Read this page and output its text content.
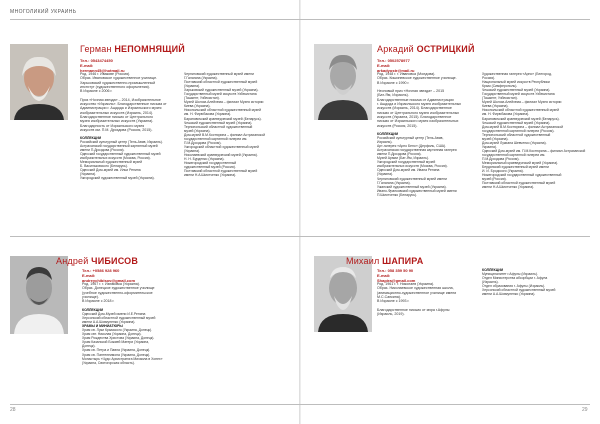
МНОГОЛИКИЙ УКРАИНЬ
28	29
Герман НЕПОМНЯЩИЙ
Тел.: 0543474450
E-mail: hermann45@hotmail.ru
Род. 1946 г. Ивакове (Россия).
Образ. Ивановское художественное училище.
Харьковский художественно-промышленный
институт (художественного оформления).
В Израиле с 2006 г.

Приз «Ночная звезда» – 2014, Изобразительное
искусство «Израиль». Благодарственные письма от
Администрации г. Ашдода и Израильского музея
изобразительных искусств (Израиль, 2014).
Благодарственное письмо от Центрального
музея изобразительных искусств (Украина).
Благодарность от Израильского музея
искусств им. П.М. Дроздова (Россия, 2015).

КОЛЛЕКЦИИ

Российский культурный центр (Тель-Авив, Израиль).
Астраханский государственный картинный музей
имени П.Дроздова (Россия).
Одесский государственный художественный музей
изобразительных искусств (Москва, Россия).
Мемориальный художественный музей
Б. Васильковского (Беларусь).
Одесский Дом-музей им. Ильи Репина
(Украина).
Ужгородский художественный музей (Украина).
Черниговский художественный музей имени
Г.Галагана (Украина).
Полтавский областной художественный музей
(Украина).
Харьковский художественный музей (Украина).
Государственный музей искусств Узбекистана
(Ташкент, Узбекистан).
Музей Шолом-Алейхема – филиал Музея истории
Киева (Украина).
Никопольский областной художественный музей
им. Н. Фирюбакова (Украина).
Барановичский краеведческий музей (Беларусь).
Чешский художественный музей (Украина).
Тернопольский областной художественный
музей (Украина).
Дом-музей В.М.Костюрина – филиал Астраханской
государственной картинной галереи им.
П.М.Дроздова (Россия).
Ужгородский областной художественный музей
(Украина).
Николаевский краеведческий музей (Украина).
Н. Н. Бурденко (Украина).
Нижегородский государственный
художественный музей (Россия).
Полтавский областной художественный музей
имени Н.А.Шмотченко (Украина).
Аркадий ОСТРИЦКИЙ
Тел.: 0502578977
E-mail: arkadyostr@mail.ru
Род. 1948 г. г. Ивановка (Молдова).
Образ. Кишиневское художественное училище.
В Израиле с 1990 г.

Неоновый приз «Ночная звезда» – 2015
(Бат-Ям, Израиль).
Благодарственные письма от Администрации
г. Ашдода и Израильского музея изобразительных
искусств (Израиль, 2014). Благодарственное
письмо от Центрального музея изобразительных
искусств (Украина, 2015). Благодарственное
письмо от Израильского музея изобразительных
искусств (Россия, 2015).

КОЛЛЕКЦИИ

Российский культурный центр (Тель-Авив,
Израиль).
Арт-галерея «Арно Бено» (Дерфиль, США).
Астраханская государственная картинная галерея
имени П.Дроздова (Россия).
Музей Армии (Бат-Ям, Израиль).
Ужгородский государственный музей
изобразительных искусств (Москва, Россия).
Одесский Дом-музей им. Ивана Репина
(Украина).
Черниговский художественный музей имени
Г.Галагана (Украина).
Ужанский художественный музей (Украина).
Ивано-Франковский художественный музей имени
П.Шмотченко (Беларусь).
Художественная галерея «Арно» (Белгород,
Россия).
Национальный музей искусств Республики
Крым (Симферополь).
Чешский художественный музей (Украина).
Государственный музей искусств Узбекистана
(Ташкент, Узбекистан).
Музей Шолом-Алейхема – филиал Музея истории
Киева (Украина).
Никопольский областной художественный музей
им. Н. Фирюбакова (Украина).
Барановичский краеведческий музей (Беларусь).
Чешский художественный музей (Украина).
Дом-музей В.М.Костюрина – филиал Астраханской
государственной картинной галереи (Россия).
Тернопольский областной художественный
музей (Украина).
Дом-музей Лукиана Шевченко (Украина).
Украина).
Одесский Дом-музей им. П.М.Костюрина – филиал Астраханской
государственной картинной галереи им.
П.М.Дроздова (Россия).
Мемориальный краеведческий музей (Украина).
Бердянский художественный музей имени
И. И. Бродского (Украина).
Нижегородский государственный художественный
музей (Россия).
Полтавский областной художественный музей
имени Н.А.Шмотченко (Украина).
Андрей ЧИБИСОВ
Тел.: +0586 928 960
E-mail: andreychibisov@gmail.com
Род. 1967 г. г. Изюмовка (Украина).
Образ. Донецкое художественное училище
(учебное художественно-оформительское
училище).
В Израиле с 2018 г.

КОЛЛЕКЦИИ

Одесский Дом-Музей имени И.Е.Репина
Херсонский областной художественный музей
имени А.А.Шовкуненко (Украина).

ХРАМЫ И МИНИАТЮРЫ

Храм св. Луки Крымского (Украина, Донецк).
Храм свт. Николая (Украина, Донецк).
Храм Рождества Христова (Украина, Донецк).
Храм Казанской Божией Матери (Украина,
Донецк).
Храм св. Петра и Павла (Украина, Донецк).
Храм св. Пантелеимона (Украина, Донецк).
Монастырь «Чудо Архистратига Михаила в Хонех»
(Украина, Святогорская область).
Михаил ШАПИРА
Тел.: 058 359 50 90
E-mail: Shapira@gmail.com
Род. 1961 г. г. Николаев (Украина).
Образ. Николаевское художественная школа,
(анимационно-художественное училище имени
М.С.Сапкина).
В Израиле с 1993 г.

Благодарственное письмо от мэра г.Афулы
(Израиль, 2019).

КОЛЛЕКЦИИ

Муниципалитет г.Афулы (Израиль).
Отдел Министерства абсорбции г. Афула
(Израиль).
Отдел образования г. Афулы (Израиль).
Херсонский областной художественный музей
имени А.А.Шовкуненко (Украина).
